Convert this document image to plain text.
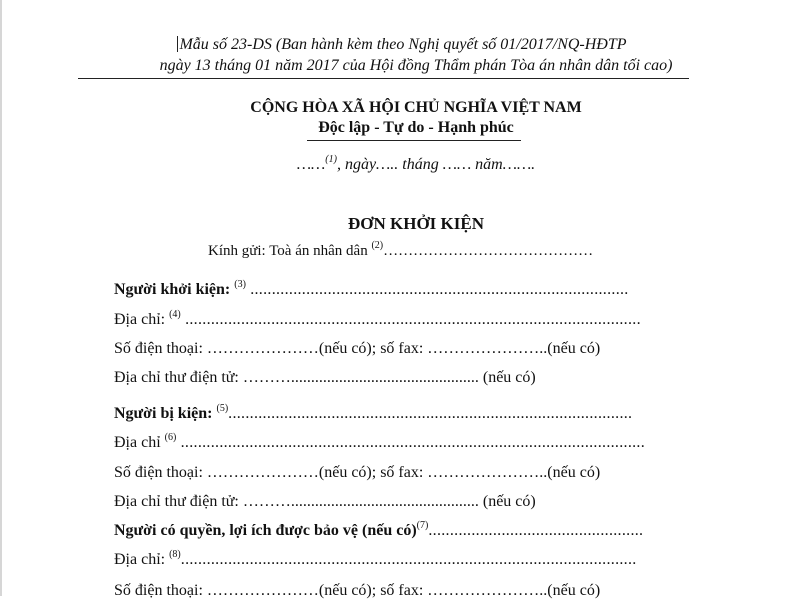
Mẫu số 23-DS (Ban hành kèm theo Nghị quyết số 01/2017/NQ-HĐTP
ngày 13 tháng 01 năm 2017 của Hội đồng Thẩm phán Tòa án nhân dân tối cao)
CỘNG HÒA XÃ HỘI CHỦ NGHĨA VIỆT NAM
Độc lập - Tự do - Hạnh phúc
……$^{(1)}$, ngày….. tháng …… năm…….
ĐƠN KHỞI KIỆN
Kính gửi: Toà án nhân dân $^{(2)}$……………………………………
Người khởi kiện: $^{(3)}$ ........................................................................................
Địa chỉ: $^{(4)}$ ..........................................................................................................
Số điện thoại: …………………(nếu có); số fax: …………………..(nếu có)
Địa chỉ thư điện tử: ………............................................... (nếu có)
Người bị kiện: $^{(5)}$..............................................................................................
Địa chỉ $^{(6)}$ ............................................................................................................
Số điện thoại: …………………(nếu có); số fax: …………………..(nếu có)
Địa chỉ thư điện tử: ………............................................... (nếu có)
Người có quyền, lợi ích được bảo vệ (nếu có)$^{(7)}$..................................................
Địa chỉ: $^{(8)}$..........................................................................................................
Số điện thoại: …………………(nếu có); số fax: …………………..(nếu có)
